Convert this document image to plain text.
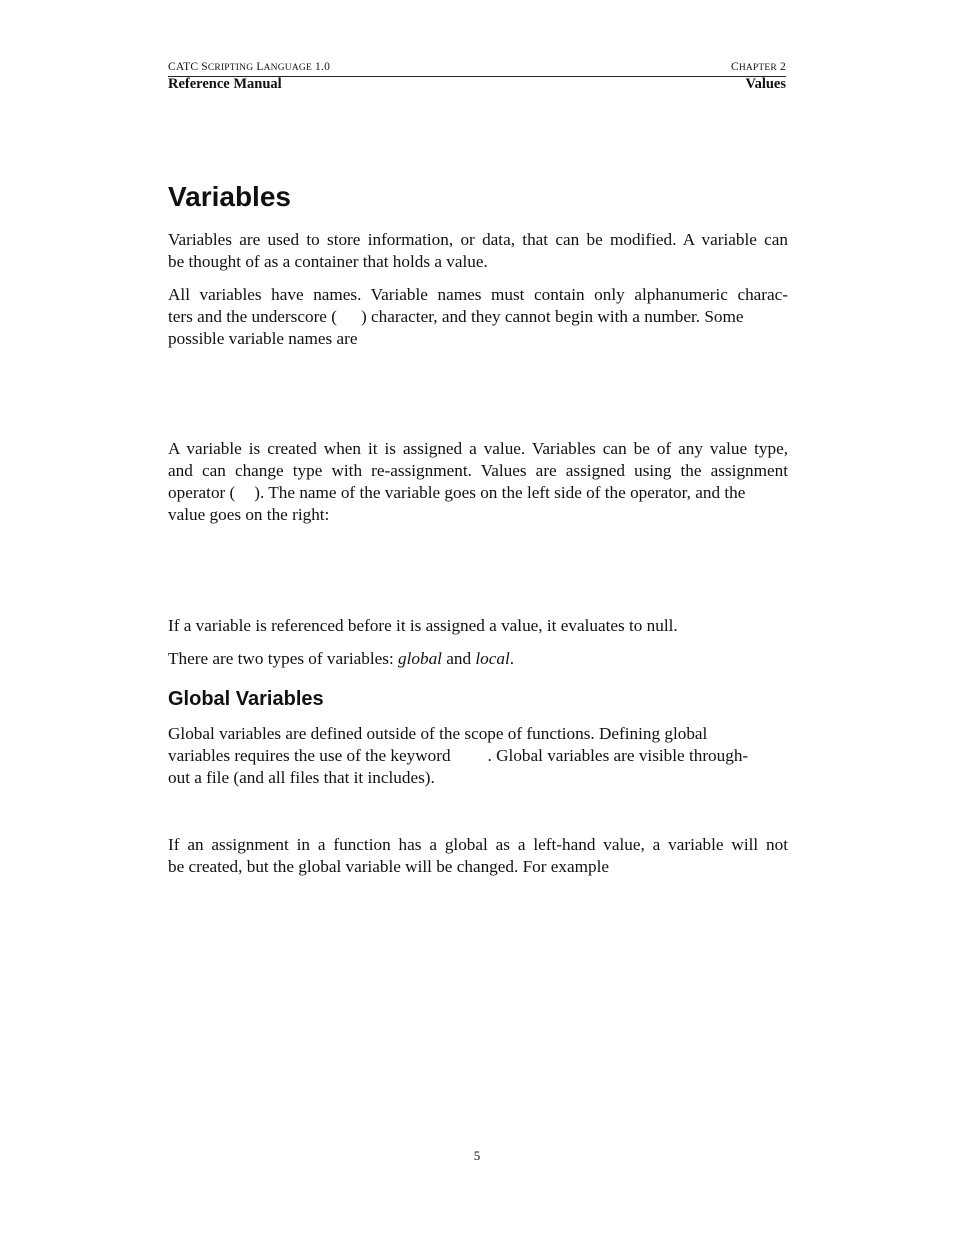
CATC SCRIPTING LANGUAGE 1.0	CHAPTER 2
Reference Manual	Values
Variables
Variables are used to store information, or data, that can be modified. A variable can
be thought of as a container that holds a value.
All variables have names. Variable names must contain only alphanumeric charac-
ters and the underscore ( ) character, and they cannot begin with a number. Some
possible variable names are
A variable is created when it is assigned a value. Variables can be of any value type,
and can change type with re-assignment. Values are assigned using the assignment
operator ( ). The name of the variable goes on the left side of the operator, and the
value goes on the right:
If a variable is referenced before it is assigned a value, it evaluates to null.
There are two types of variables: global and local.
Global Variables
Global variables are defined outside of the scope of functions. Defining global
variables requires the use of the keyword . Global variables are visible through-
out a file (and all files that it includes).
If an assignment in a function has a global as a left-hand value, a variable will not
be created, but the global variable will be changed. For example
5
